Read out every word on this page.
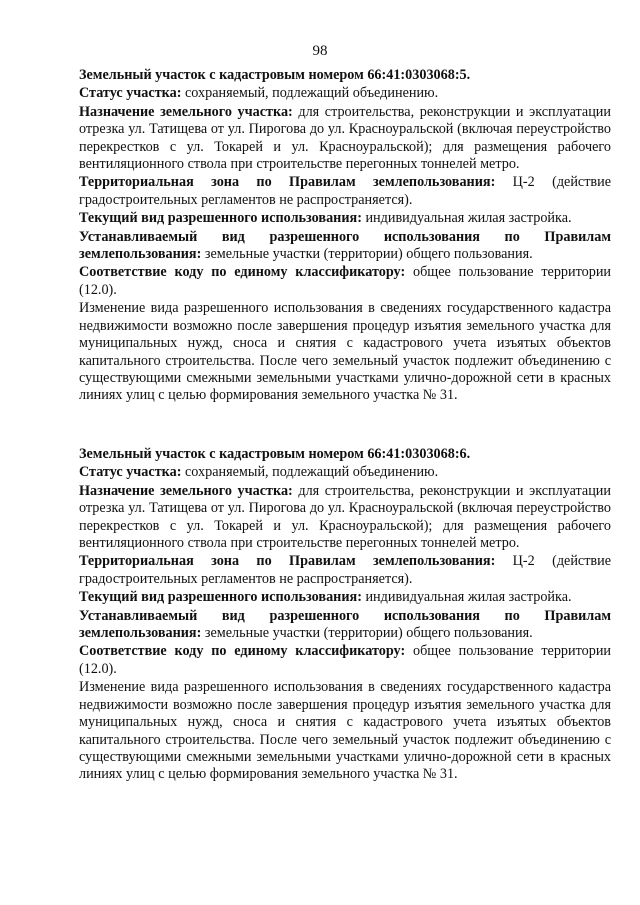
98

Земельный участок с кадастровым номером 66:41:0303068:5.

Статус участка: сохраняемый, подлежащий объединению.

Назначение земельного участка: для строительства, реконструкции и эксплуатации отрезка ул. Татищева от ул. Пирогова до ул. Красноуральской (включая переустройство перекрестков с ул. Токарей и ул. Красноуральской); для размещения рабочего вентиляционного ствола при строительстве перегонных тоннелей метро.

Территориальная зона по Правилам землепользования: Ц-2 (действие градостроительных регламентов не распространяется).

Текущий вид разрешенного использования: индивидуальная жилая застройка.

Устанавливаемый вид разрешенного использования по Правилам землепользования: земельные участки (территории) общего пользования.

Соответствие коду по единому классификатору: общее пользование территории (12.0).

Изменение вида разрешенного использования в сведениях государственного кадастра недвижимости возможно после завершения процедур изъятия земельного участка для муниципальных нужд, сноса и снятия с кадастрового учета изъятых объектов капитального строительства. После чего земельный участок подлежит объединению с существующими смежными земельными участками улично-дорожной сети в красных линиях улиц с целью формирования земельного участка № 31.

Земельный участок с кадастровым номером 66:41:0303068:6.

Статус участка: сохраняемый, подлежащий объединению.

Назначение земельного участка: для строительства, реконструкции и эксплуатации отрезка ул. Татищева от ул. Пирогова до ул. Красноуральской (включая переустройство перекрестков с ул. Токарей и ул. Красноуральской); для размещения рабочего вентиляционного ствола при строительстве перегонных тоннелей метро.

Территориальная зона по Правилам землепользования: Ц-2 (действие градостроительных регламентов не распространяется).

Текущий вид разрешенного использования: индивидуальная жилая застройка.

Устанавливаемый вид разрешенного использования по Правилам землепользования: земельные участки (территории) общего пользования.

Соответствие коду по единому классификатору: общее пользование территории (12.0).

Изменение вида разрешенного использования в сведениях государственного кадастра недвижимости возможно после завершения процедур изъятия земельного участка для муниципальных нужд, сноса и снятия с кадастрового учета изъятых объектов капитального строительства. После чего земельный участок подлежит объединению с существующими смежными земельными участками улично-дорожной сети в красных линиях улиц с целью формирования земельного участка № 31.
